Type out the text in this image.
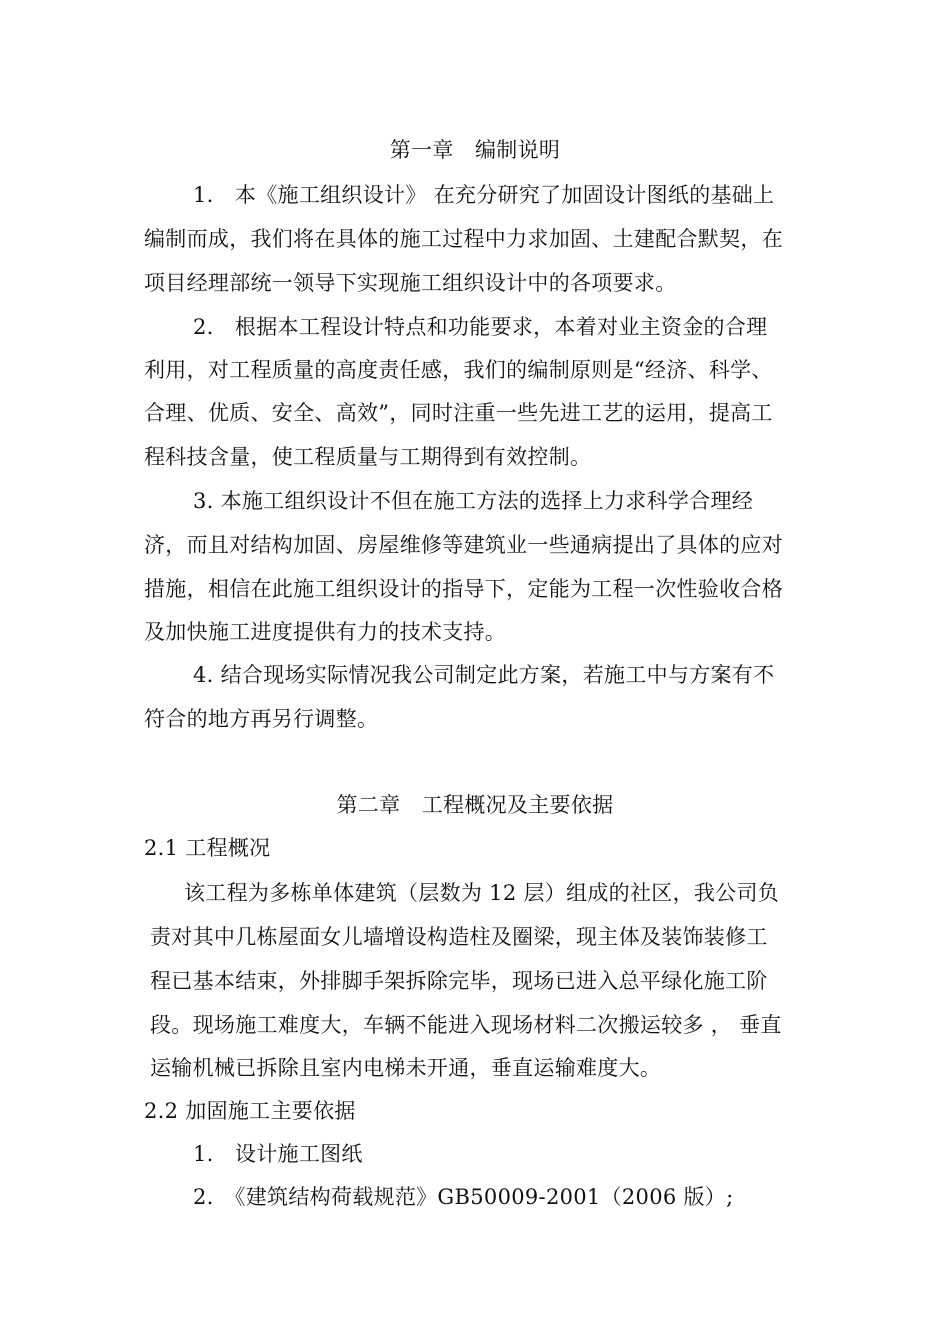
第一章　编制说明
1.　本《施工组织设计》 在充分研究了加固设计图纸的基础上
编制而成，我们将在具体的施工过程中力求加固、土建配合默契，在
项目经理部统一领导下实现施工组织设计中的各项要求。
2.　根据本工程设计特点和功能要求，本着对业主资金的合理
利用，对工程质量的高度责任感，我们的编制原则是“经济、科学、
合理、优质、安全、高效”，同时注重一些先进工艺的运用，提高工
程科技含量，使工程质量与工期得到有效控制。
3. 本施工组织设计不但在施工方法的选择上力求科学合理经
济，而且对结构加固、房屋维修等建筑业一些通病提出了具体的应对
措施，相信在此施工组织设计的指导下，定能为工程一次性验收合格
及加快施工进度提供有力的技术支持。
4. 结合现场实际情况我公司制定此方案，若施工中与方案有不
符合的地方再另行调整。
第二章　工程概况及主要依据
2.1 工程概况
该工程为多栋单体建筑（层数为 12 层）组成的社区，我公司负
责对其中几栋屋面女儿墙增设构造柱及圈梁，现主体及装饰装修工
程已基本结束，外排脚手架拆除完毕，现场已进入总平绿化施工阶
段。现场施工难度大，车辆不能进入现场材料二次搬运较多 ， 垂直
运输机械已拆除且室内电梯未开通，垂直运输难度大。
2.2 加固施工主要依据
1.　设计施工图纸
2.　《建筑结构荷载规范》GB50009-2001（2006 版）;
